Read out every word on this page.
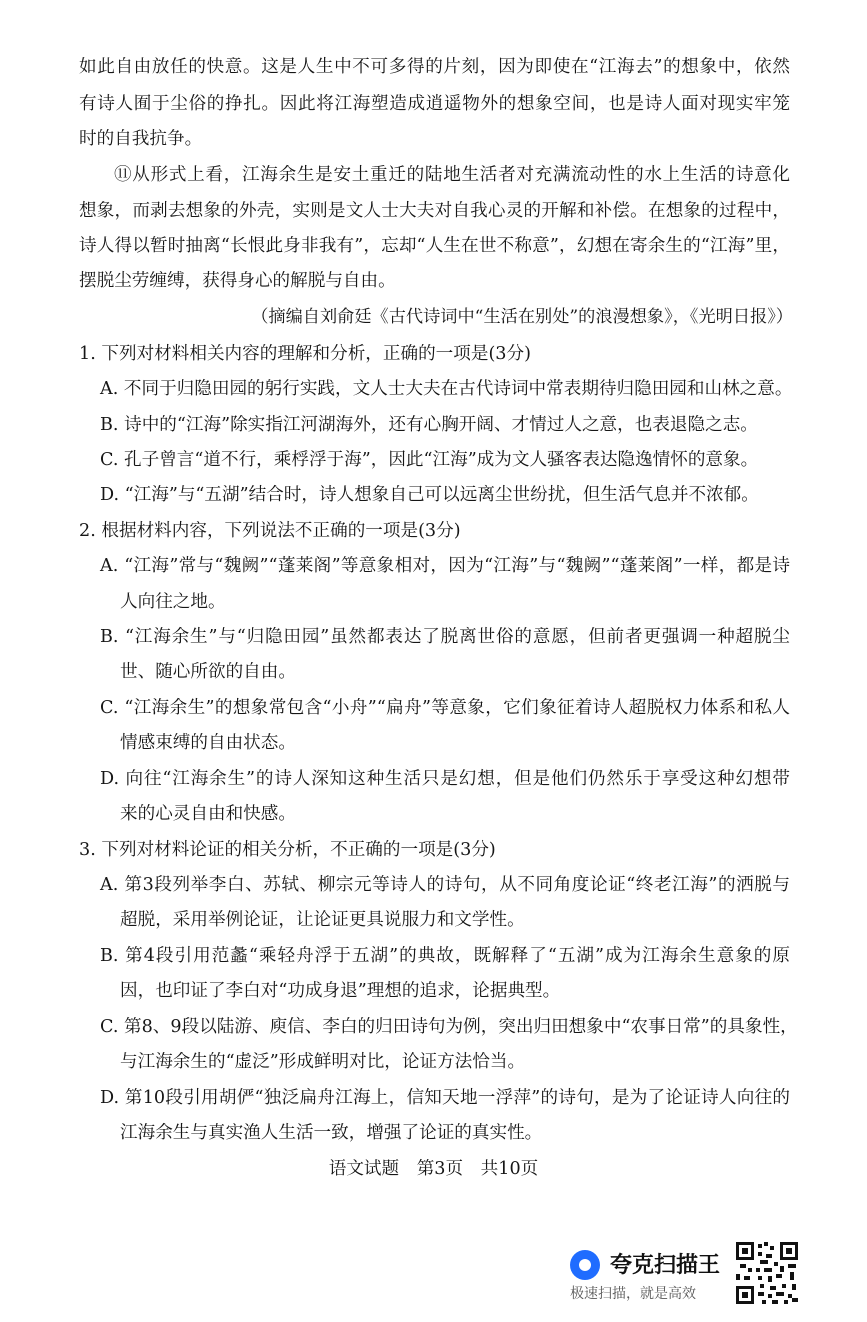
如此自由放任的快意。这是人生中不可多得的片刻，因为即使在“江海去”的想象中，依然
有诗人囿于尘俗的挣扎。因此将江海塑造成逍遥物外的想象空间，也是诗人面对现实牢笼
时的自我抗争。
⑪从形式上看，江海余生是安土重迁的陆地生活者对充满流动性的水上生活的诗意化
想象，而剥去想象的外壳，实则是文人士大夫对自我心灵的开解和补偿。在想象的过程中，
诗人得以暂时抽离“长恨此身非我有”，忘却“人生在世不称意”，幻想在寄余生的“江海”里，
摆脱尘劳缠缚，获得身心的解脱与自由。
（摘编自刘俞廷《古代诗词中“生活在别处”的浪漫想象》，《光明日报》）
1. 下列对材料相关内容的理解和分析，正确的一项是(3分)
A. 不同于归隐田园的躬行实践，文人士大夫在古代诗词中常表期待归隐田园和山林之意。
B. 诗中的“江海”除实指江河湖海外，还有心胸开阔、才情过人之意，也表退隐之志。
C. 孔子曾言“道不行，乘桴浮于海”，因此“江海”成为文人骚客表达隐逸情怀的意象。
D. “江海”与“五湖”结合时，诗人想象自己可以远离尘世纷扰，但生活气息并不浓郁。
2. 根据材料内容，下列说法不正确的一项是(3分)
A. “江海”常与“魏阙”“蓬莱阁”等意象相对，因为“江海”与“魏阙”“蓬莱阁”一样，都是诗
人向往之地。
B. “江海余生”与“归隐田园”虽然都表达了脱离世俗的意愿，但前者更强调一种超脱尘
世、随心所欲的自由。
C. “江海余生”的想象常包含“小舟”“扁舟”等意象，它们象征着诗人超脱权力体系和私人
情感束缚的自由状态。
D. 向往“江海余生”的诗人深知这种生活只是幻想，但是他们仍然乐于享受这种幻想带
来的心灵自由和快感。
3. 下列对材料论证的相关分析，不正确的一项是(3分)
A. 第3段列举李白、苏轼、柳宗元等诗人的诗句，从不同角度论证“终老江海”的洒脱与
超脱，采用举例论证，让论证更具说服力和文学性。
B. 第4段引用范蠡“乘轻舟浮于五湖”的典故，既解释了“五湖”成为江海余生意象的原
因，也印证了李白对“功成身退”理想的追求，论据典型。
C. 第8、9段以陆游、庾信、李白的归田诗句为例，突出归田想象中“农事日常”的具象性，
与江海余生的“虚泛”形成鲜明对比，论证方法恰当。
D. 第10段引用胡俨“独泛扁舟江海上，信知天地一浮萍”的诗句，是为了论证诗人向往的
江海余生与真实渔人生活一致，增强了论证的真实性。
语文试题　第3页　共10页
夸克扫描王
极速扫描，就是高效
